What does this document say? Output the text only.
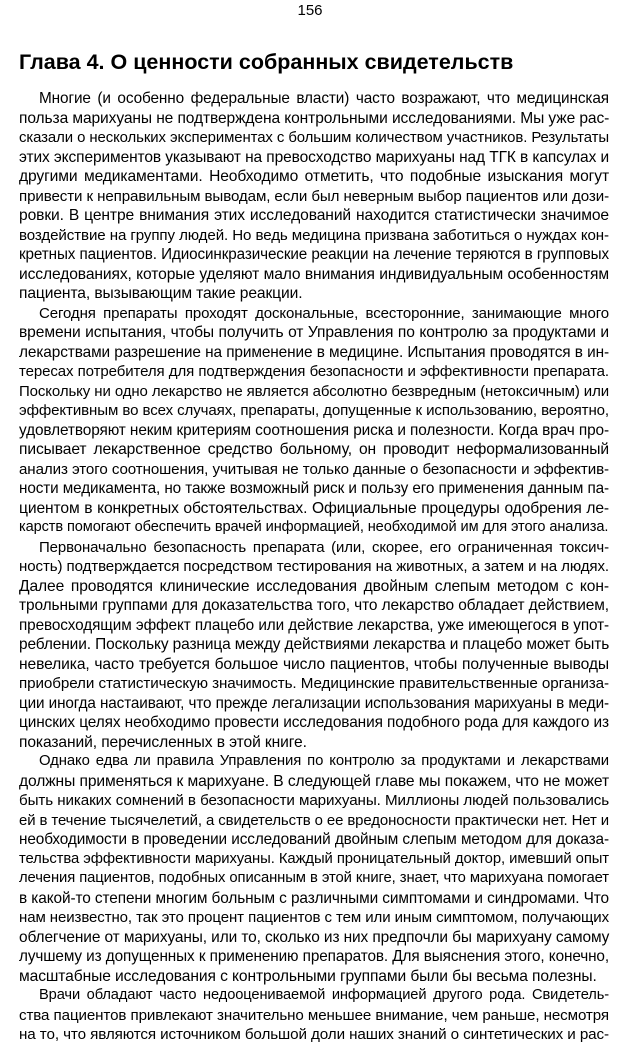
156
Глава 4. О ценности собранных свидетельств

Многие (и особенно федеральные власти) часто возражают, что медицинская
польза марихуаны не подтверждена контрольными исследованиями. Мы уже рас-
сказали о нескольких экспериментах с большим количеством участников. Результаты
этих экспериментов указывают на превосходство марихуаны над ТГК в капсулах и
другими медикаментами. Необходимо отметить, что подобные изыскания могут
привести к неправильным выводам, если был неверным выбор пациентов или дози-
ровки. В центре внимания этих исследований находится статистически значимое
воздействие на группу людей. Но ведь медицина призвана заботиться о нуждах кон-
кретных пациентов. Идиосинкразические реакции на лечение теряются в групповых
исследованиях, которые уделяют мало внимания индивидуальным особенностям
пациента, вызывающим такие реакции.

Сегодня препараты проходят доскональные, всесторонние, занимающие много
времени испытания, чтобы получить от Управления по контролю за продуктами и
лекарствами разрешение на применение в медицине. Испытания проводятся в ин-
тересах потребителя для подтверждения безопасности и эффективности препарата.
Поскольку ни одно лекарство не является абсолютно безвредным (нетоксичным) или
эффективным во всех случаях, препараты, допущенные к использованию, вероятно,
удовлетворяют неким критериям соотношения риска и полезности. Когда врач про-
писывает лекарственное средство больному, он проводит неформализованный
анализ этого соотношения, учитывая не только данные о безопасности и эффектив-
ности медикамента, но также возможный риск и пользу его применения данным па-
циентом в конкретных обстоятельствах. Официальные процедуры одобрения ле-
карств помогают обеспечить врачей информацией, необходимой им для этого анализа.

Первоначально безопасность препарата (или, скорее, его ограниченная токсич-
ность) подтверждается посредством тестирования на животных, а затем и на людях.
Далее проводятся клинические исследования двойным слепым методом с кон-
трольными группами для доказательства того, что лекарство обладает действием,
превосходящим эффект плацебо или действие лекарства, уже имеющегося в упот-
реблении. Поскольку разница между действиями лекарства и плацебо может быть
невелика, часто требуется большое число пациентов, чтобы полученные выводы
приобрели статистическую значимость. Медицинские правительственные организа-
ции иногда настаивают, что прежде легализации использования марихуаны в меди-
цинских целях необходимо провести исследования подобного рода для каждого из
показаний, перечисленных в этой книге.

Однако едва ли правила Управления по контролю за продуктами и лекарствами
должны применяться к марихуане. В следующей главе мы покажем, что не может
быть никаких сомнений в безопасности марихуаны. Миллионы людей пользовались
ей в течение тысячелетий, а свидетельств о ее вредоносности практически нет. Нет и
необходимости в проведении исследований двойным слепым методом для доказа-
тельства эффективности марихуаны. Каждый проницательный доктор, имевший опыт
лечения пациентов, подобных описанным в этой книге, знает, что марихуана помогает
в какой-то степени многим больным с различными симптомами и синдромами. Что
нам неизвестно, так это процент пациентов с тем или иным симптомом, получающих
облегчение от марихуаны, или то, сколько из них предпочли бы марихуану самому
лучшему из допущенных к применению препаратов. Для выяснения этого, конечно,
масштабные исследования с контрольными группами были бы весьма полезны.

Врачи обладают часто недооцениваемой информацией другого рода. Свидетель-
ства пациентов привлекают значительно меньшее внимание, чем раньше, несмотря
на то, что являются источником большой доли наших знаний о синтетических и рас-
